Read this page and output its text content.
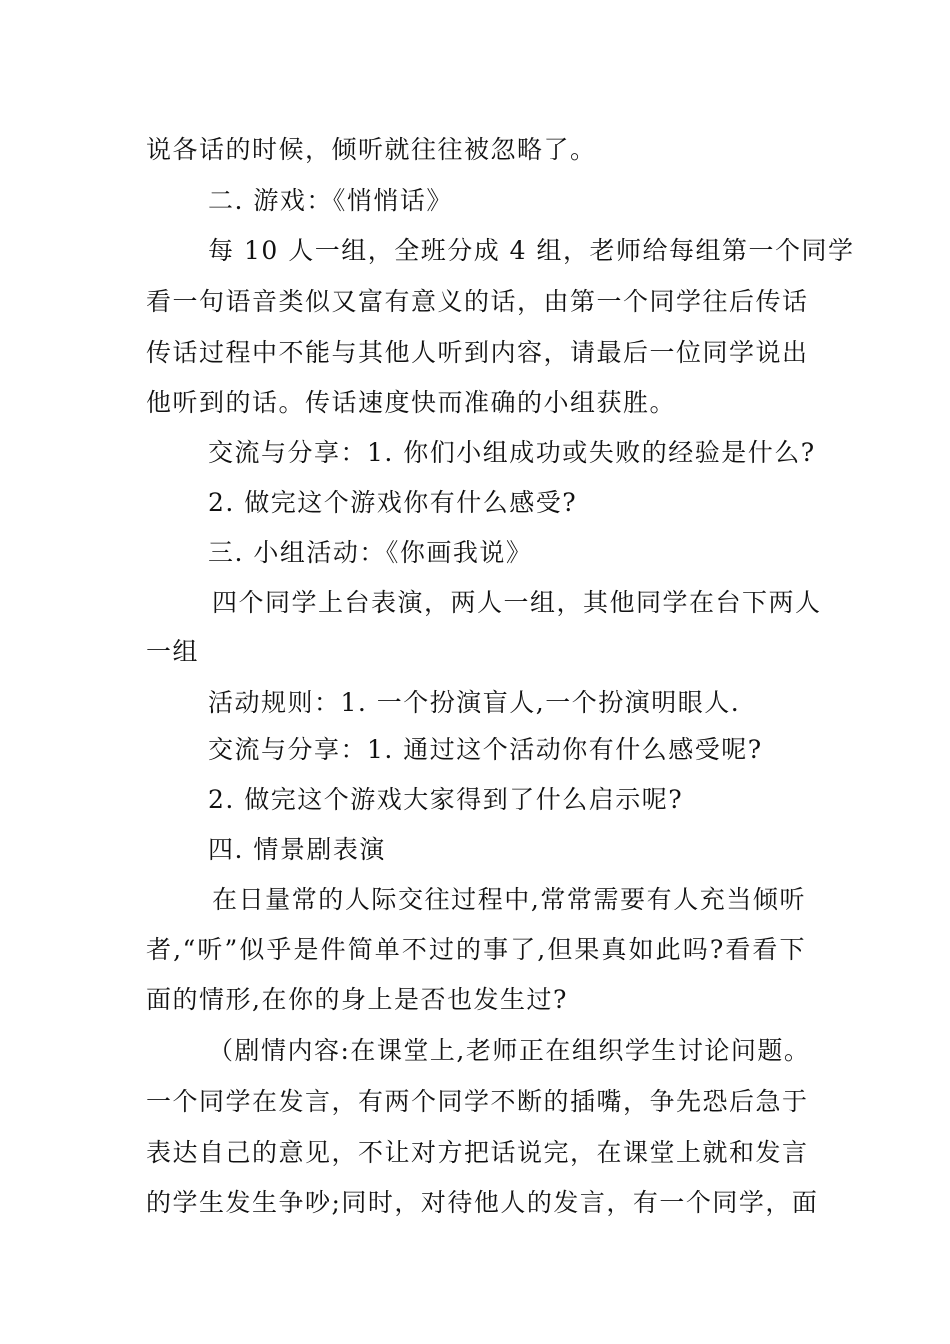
说各话的时候，倾听就往往被忽略了。
二. 游戏：《悄悄话》
每 10 人一组，全班分成 4 组，老师给每组第一个同学
看一句语音类似又富有意义的话，由第一个同学往后传话
传话过程中不能与其他人听到内容，请最后一位同学说出
他听到的话。传话速度快而准确的小组获胜。
交流与分享：1. 你们小组成功或失败的经验是什么?
2. 做完这个游戏你有什么感受?
三. 小组活动：《你画我说》
四个同学上台表演，两人一组，其他同学在台下两人
一组
活动规则：1. 一个扮演盲人,一个扮演明眼人.
交流与分享：1. 通过这个活动你有什么感受呢?
2. 做完这个游戏大家得到了什么启示呢?
四. 情景剧表演
在日量常的人际交往过程中,常常需要有人充当倾听
者,“听”似乎是件简单不过的事了,但果真如此吗?看看下
面的情形,在你的身上是否也发生过?
（剧情内容:在课堂上,老师正在组织学生讨论问题。
一个同学在发言，有两个同学不断的插嘴，争先恐后急于
表达自己的意见，不让对方把话说完，在课堂上就和发言
的学生发生争吵;同时，对待他人的发言，有一个同学，面
